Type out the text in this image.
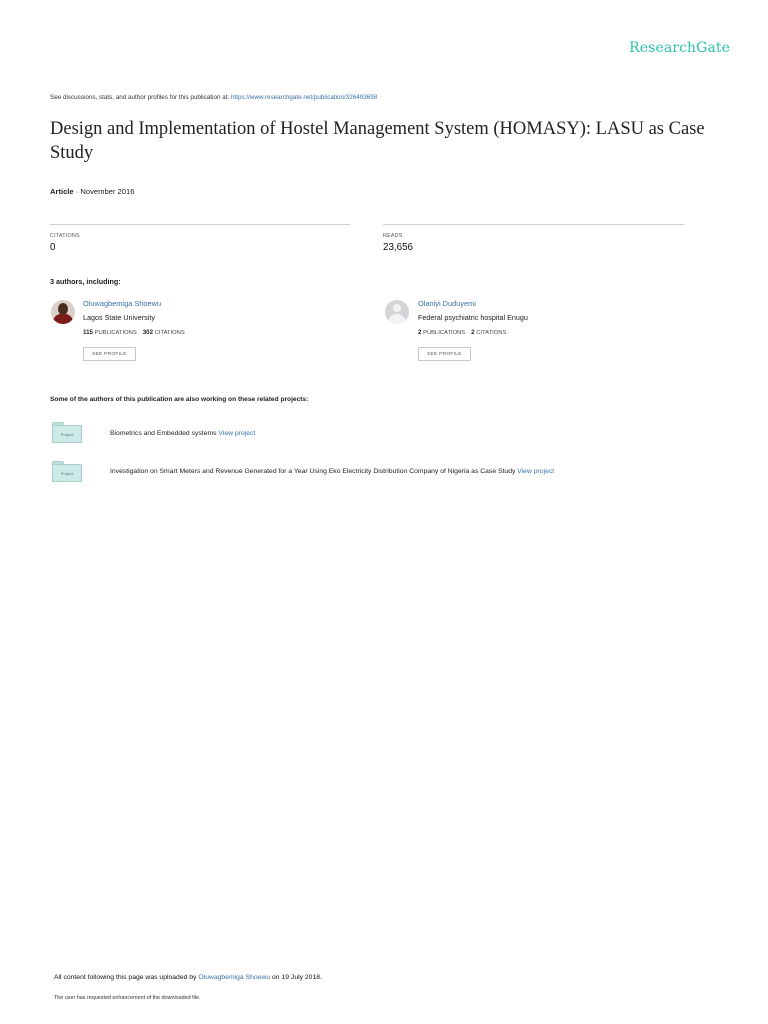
ResearchGate
See discussions, stats, and author profiles for this publication at: https://www.researchgate.net/publication/326493698
Design and Implementation of Hostel Management System (HOMASY): LASU as Case Study
Article · November 2016
CITATIONS
0
READS
23,656
3 authors, including:
Oluwagbemiga Shoewu
Lagos State University
115 PUBLICATIONS 302 CITATIONS
SEE PROFILE
Olaniyi Duduyemi
Federal psychiatric hospital Enugu
2 PUBLICATIONS 2 CITATIONS
SEE PROFILE
Some of the authors of this publication are also working on these related projects:
Project	Biometrics and Embedded systems View project
Project	Investigation on Smart Meters and Revenue Generated for a Year Using Eko Electricity Distribution Company of Nigeria as Case Study View project
All content following this page was uploaded by Oluwagbemiga Shoewu on 19 July 2018.
The user has requested enhancement of the downloaded file.
